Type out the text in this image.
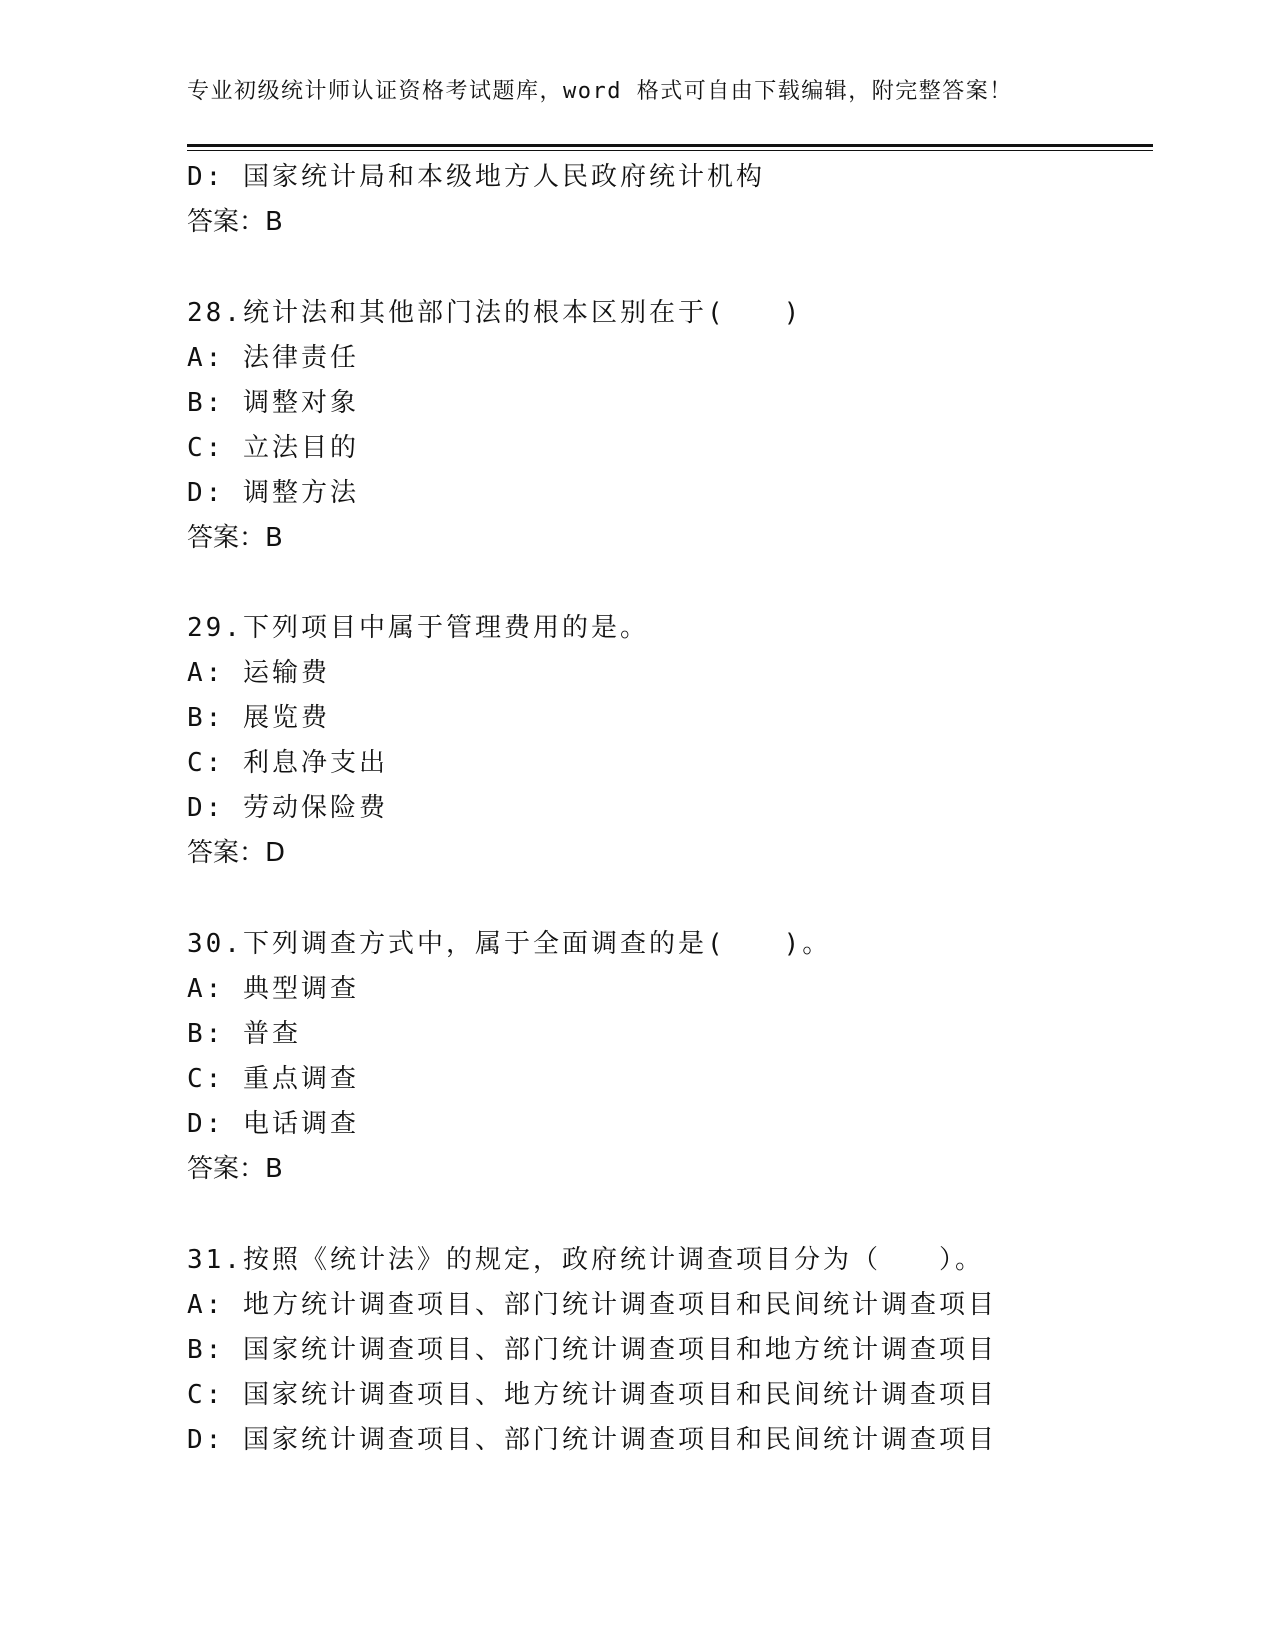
专业初级统计师认证资格考试题库，word 格式可自由下载编辑，附完整答案！
D: 国家统计局和本级地方人民政府统计机构
答案：B
28.统计法和其他部门法的根本区别在于(　　)
A: 法律责任
B: 调整对象
C: 立法目的
D: 调整方法
答案：B
29.下列项目中属于管理费用的是。
A: 运输费
B: 展览费
C: 利息净支出
D: 劳动保险费
答案：D
30.下列调查方式中，属于全面调查的是(　　)。
A: 典型调查
B: 普查
C: 重点调查
D: 电话调查
答案：B
31.按照《统计法》的规定，政府统计调查项目分为（　　）。
A: 地方统计调查项目、部门统计调查项目和民间统计调查项目
B: 国家统计调查项目、部门统计调查项目和地方统计调查项目
C: 国家统计调查项目、地方统计调查项目和民间统计调查项目
D: 国家统计调查项目、部门统计调查项目和民间统计调查项目
